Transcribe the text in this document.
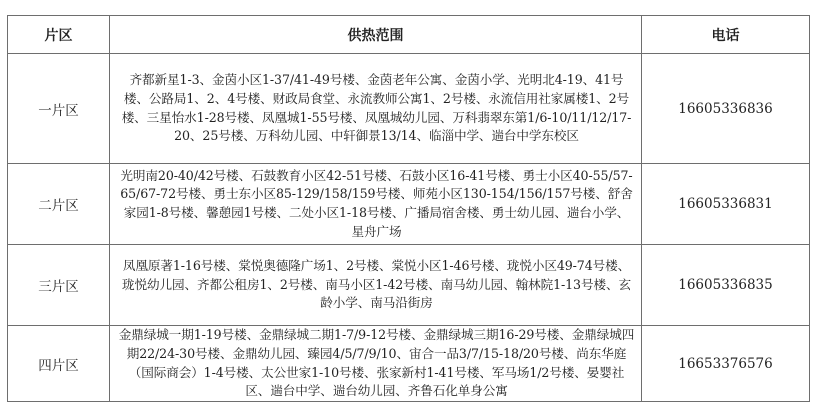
片区	供热范围	电话
一片区	齐都新星1-3、金茵小区1-37/41-49号楼、金茵老年公寓、金茵小学、光明北4-19、41号楼、公路局1、2、4号楼、财政局食堂、永流教师公寓1、2号楼、永流信用社家属楼1、2号楼、三星怡水1-28号楼、凤凰城1-55号楼、凤凰城幼儿园、万科翡翠东第1/6-10/11/12/17-20、25号楼、万科幼儿园、中轩御景13/14、临淄中学、遄台中学东校区	16605336836
二片区	光明南20-40/42号楼、石鼓教育小区42-51号楼、石鼓小区16-41号楼、勇士小区40-55/57-65/67-72号楼、勇士东小区85-129/158/159号楼、师苑小区130-154/156/157号楼、舒舍家园1-8号楼、馨憩园1号楼、二处小区1-18号楼、广播局宿舍楼、勇士幼儿园、遄台小学、星舟广场	16605336831
三片区	凤凰原著1-16号楼、棠悦奥德隆广场1、2号楼、棠悦小区1-46号楼、珑悦小区49-74号楼、珑悦幼儿园、齐都公租房1、2号楼、南马小区1-42号楼、南马幼儿园、翰林院1-13号楼、玄龄小学、南马沿街房	16605336835
四片区	金鼎绿城一期1-19号楼、金鼎绿城二期1-7/9-12号楼、金鼎绿城三期16-29号楼、金鼎绿城四期22/24-30号楼、金鼎幼儿园、臻园4/5/7/9/10、宙合一品3/7/15-18/20号楼、尚东华庭（国际商会）1-4号楼、太公世家1-10号楼、张家新村1-41号楼、军马场1/2号楼、晏婴社区、遄台中学、遄台幼儿园、齐鲁石化单身公寓	16653376576
